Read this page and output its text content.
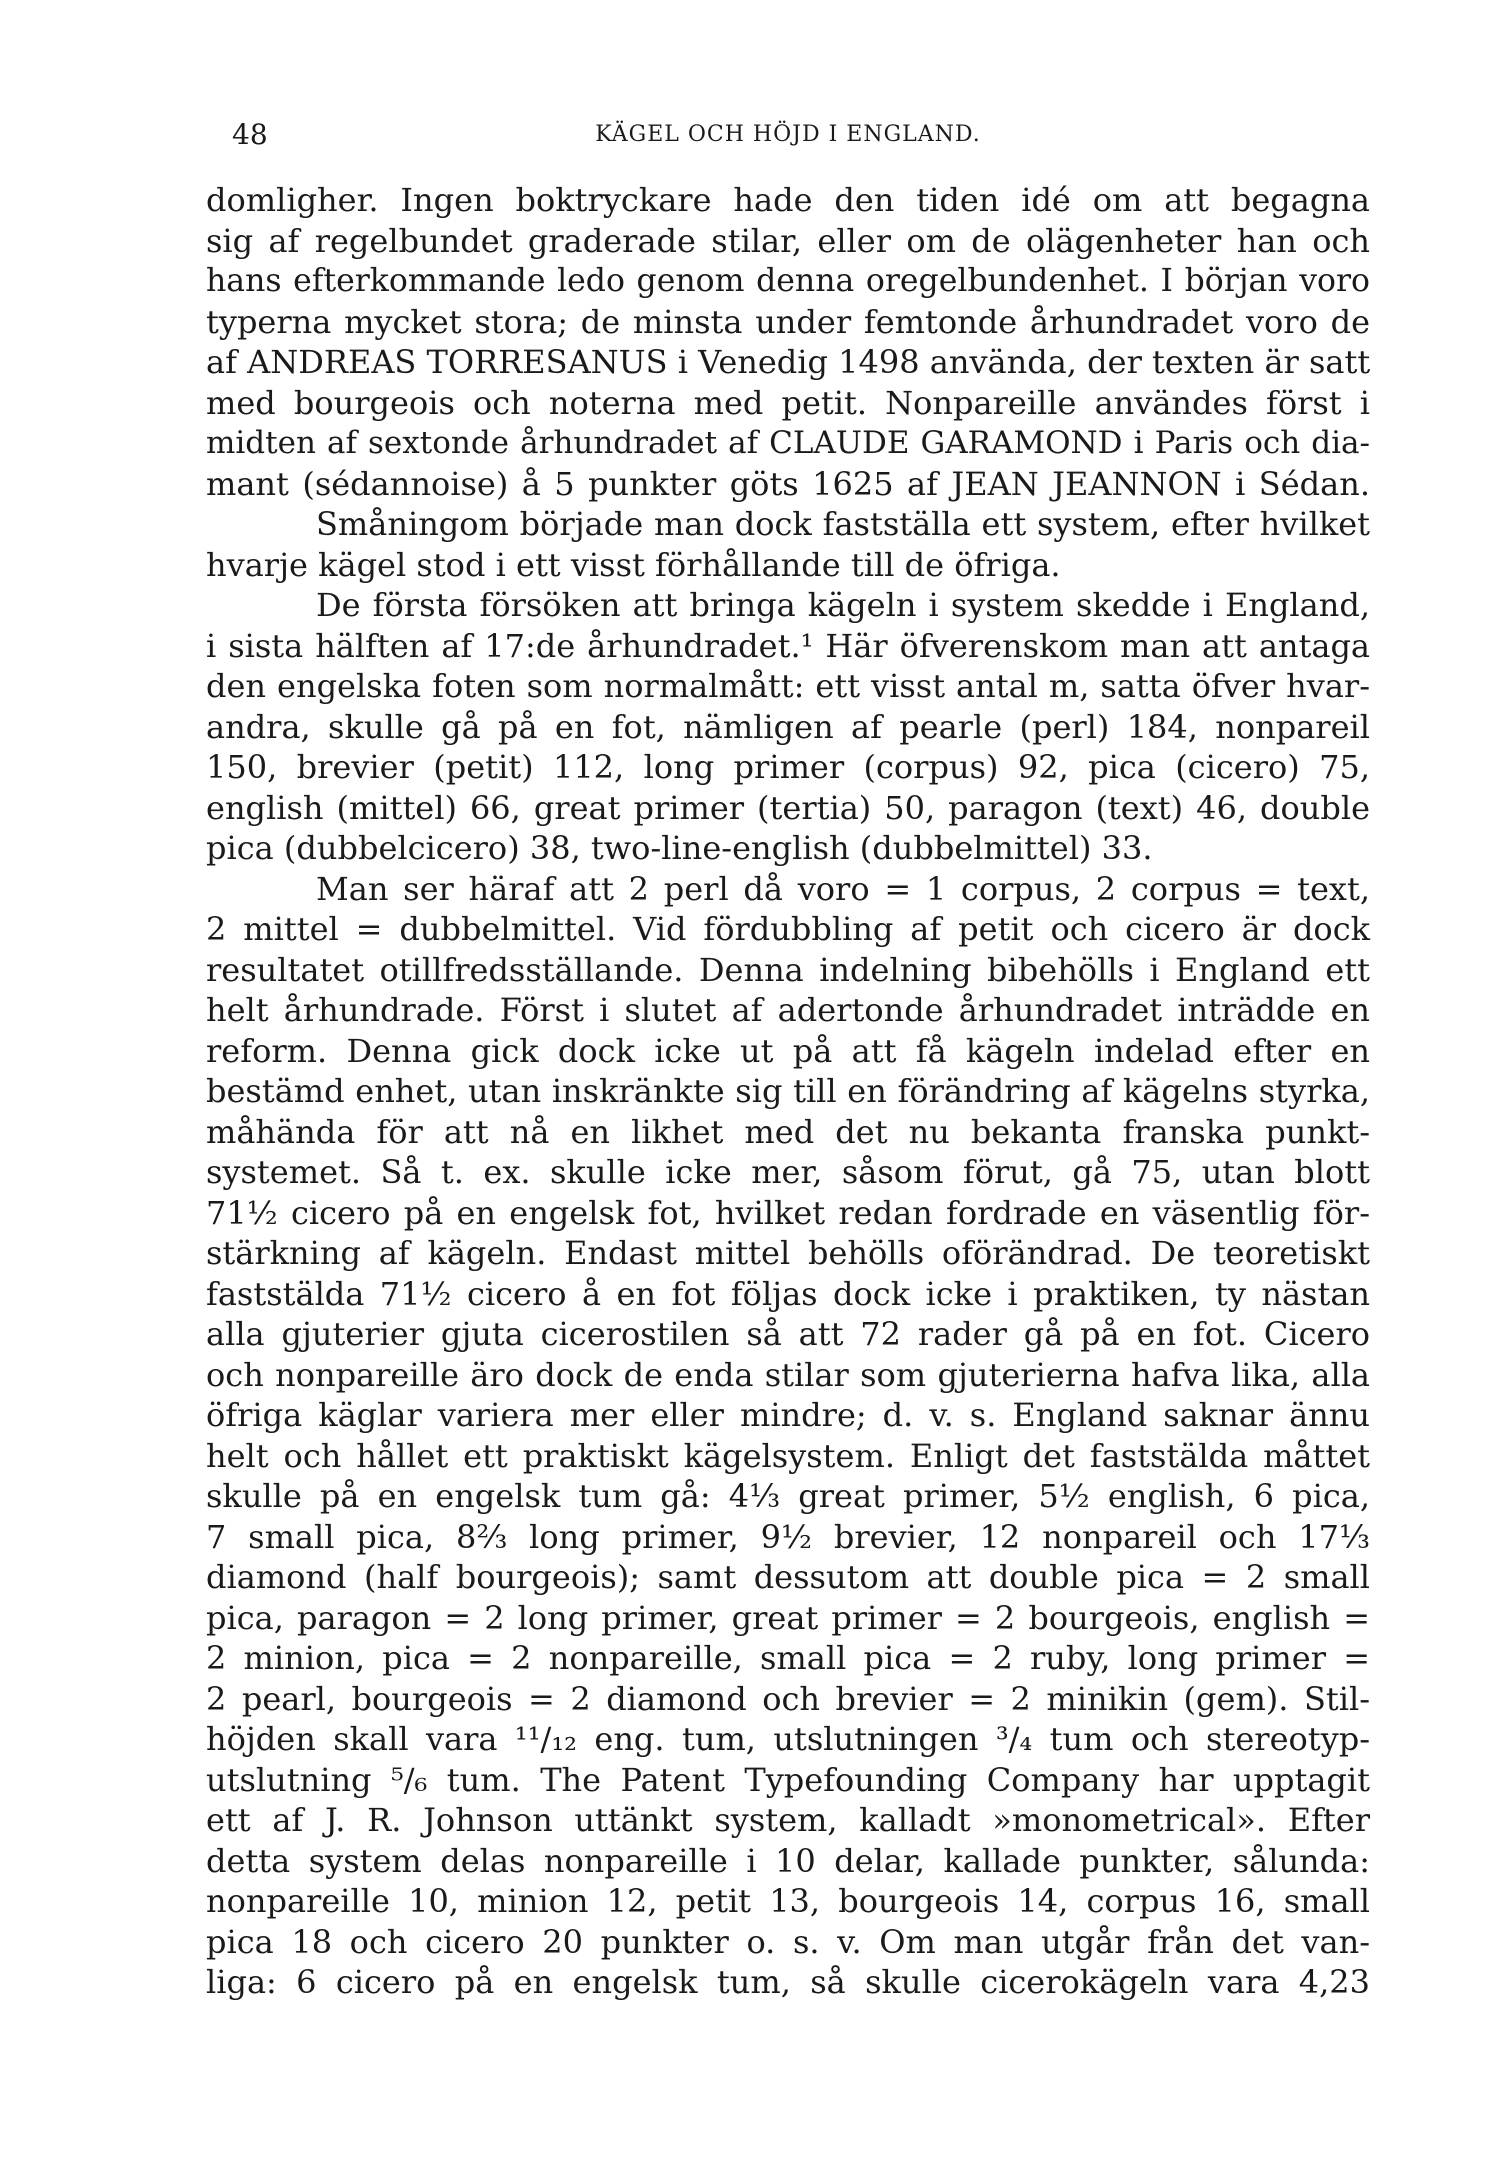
48	KÄGEL OCH HÖJD I ENGLAND.
domligher. Ingen boktryckare hade den tiden idé om att begagna
sig af regelbundet graderade stilar, eller om de olägenheter han och
hans efterkommande ledo genom denna oregelbundenhet. I början voro
typerna mycket stora; de minsta under femtonde århundradet voro de
af ANDREAS TORRESANUS i Venedig 1498 använda, der texten är satt
med bourgeois och noterna med petit. Nonpareille användes först i
midten af sextonde århundradet af CLAUDE GARAMOND i Paris och dia-
mant (sédannoise) å 5 punkter göts 1625 af JEAN JEANNON i Sédan.
Småningom började man dock fastställa ett system, efter hvilket
hvarje kägel stod i ett visst förhållande till de öfriga.
De första försöken att bringa kägeln i system skedde i England,
i sista hälften af 17:de århundradet.¹ Här öfverenskom man att antaga
den engelska foten som normalmått: ett visst antal m, satta öfver hvar-
andra, skulle gå på en fot, nämligen af pearle (perl) 184, nonpareil
150, brevier (petit) 112, long primer (corpus) 92, pica (cicero) 75,
english (mittel) 66, great primer (tertia) 50, paragon (text) 46, double
pica (dubbelcicero) 38, two-line-english (dubbelmittel) 33.
Man ser häraf att 2 perl då voro = 1 corpus, 2 corpus = text,
2 mittel = dubbelmittel. Vid fördubbling af petit och cicero är dock
resultatet otillfredsställande. Denna indelning bibehölls i England ett
helt århundrade. Först i slutet af adertonde århundradet inträdde en
reform. Denna gick dock icke ut på att få kägeln indelad efter en
bestämd enhet, utan inskränkte sig till en förändring af kägelns styrka,
måhända för att nå en likhet med det nu bekanta franska punkt-
systemet. Så t. ex. skulle icke mer, såsom förut, gå 75, utan blott
71½ cicero på en engelsk fot, hvilket redan fordrade en väsentlig för-
stärkning af kägeln. Endast mittel behölls oförändrad. De teoretiskt
faststälda 71½ cicero å en fot följas dock icke i praktiken, ty nästan
alla gjuterier gjuta cicerostilen så att 72 rader gå på en fot. Cicero
och nonpareille äro dock de enda stilar som gjuterierna hafva lika, alla
öfriga käglar variera mer eller mindre; d. v. s. England saknar ännu
helt och hållet ett praktiskt kägelsystem. Enligt det faststälda måttet
skulle på en engelsk tum gå: 4⅓ great primer, 5½ english, 6 pica,
7 small pica, 8⅔ long primer, 9½ brevier, 12 nonpareil och 17⅓
diamond (half bourgeois); samt dessutom att double pica = 2 small
pica, paragon = 2 long primer, great primer = 2 bourgeois, english =
2 minion, pica = 2 nonpareille, small pica = 2 ruby, long primer =
2 pearl, bourgeois = 2 diamond och brevier = 2 minikin (gem). Stil-
höjden skall vara ¹¹/₁₂ eng. tum, utslutningen ³/₄ tum och stereotyp-
utslutning ⁵/₆ tum. The Patent Typefounding Company har upptagit
ett af J. R. Johnson uttänkt system, kalladt »monometrical». Efter
detta system delas nonpareille i 10 delar, kallade punkter, sålunda:
nonpareille 10, minion 12, petit 13, bourgeois 14, corpus 16, small
pica 18 och cicero 20 punkter o. s. v. Om man utgår från det van-
liga: 6 cicero på en engelsk tum, så skulle cicerokägeln vara 4,23
